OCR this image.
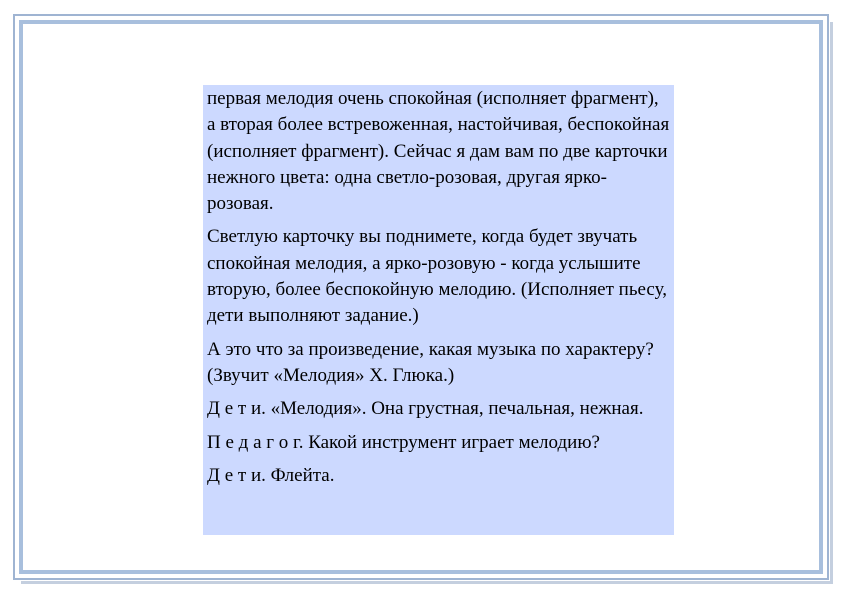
первая мелодия очень спокойная (исполняет фрагмент), а вторая более встревоженная, настойчивая, беспокойная (исполняет фрагмент). Сейчас я дам вам по две карточки нежного цвета: одна светло-розовая, другая ярко-розовая.

Светлую карточку вы поднимете, когда будет звучать спокойная мелодия, а ярко-розовую - когда услышите вторую, более беспокойную мелодию. (Исполняет пьесу, дети выполняют задание.)

А это что за произведение, какая музыка по характеру? (Звучит «Мелодия» X. Глюка.)

Д е т и. «Мелодия». Она грустная, печальная, нежная.

П е д а г о г. Какой инструмент играет мелодию?

Д е т и. Флейта.
